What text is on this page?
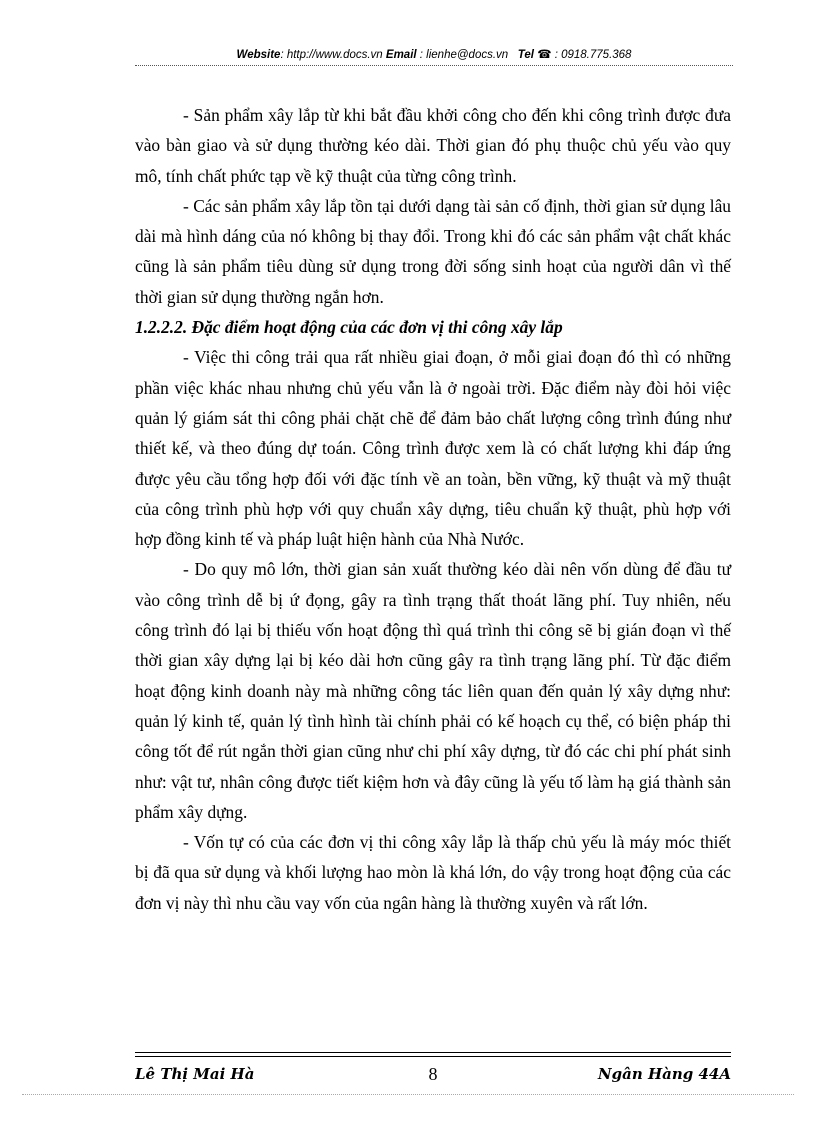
Website: http://www.docs.vn Email : lienhe@docs.vn Tel ☎ : 0918.775.368

- Sản phẩm xây lắp từ khi bắt đầu khởi công cho đến khi công trình được đưa vào bàn giao và sử dụng thường kéo dài. Thời gian đó phụ thuộc chủ yếu vào quy mô, tính chất phức tạp về kỹ thuật của từng công trình.

- Các sản phẩm xây lắp tồn tại dưới dạng tài sản cố định, thời gian sử dụng lâu dài mà hình dáng của nó không bị thay đổi. Trong khi đó các sản phẩm vật chất khác cũng là sản phẩm tiêu dùng sử dụng trong đời sống sinh hoạt của người dân vì thế thời gian sử dụng thường ngắn hơn.

1.2.2.2. Đặc điểm hoạt động của các đơn vị thi công xây lắp

- Việc thi công trải qua rất nhiều giai đoạn, ở mỗi giai đoạn đó thì có những phần việc khác nhau nhưng chủ yếu vẫn là ở ngoài trời. Đặc điểm này đòi hỏi việc quản lý giám sát thi công phải chặt chẽ để đảm bảo chất lượng công trình đúng như thiết kế, và theo đúng dự toán. Công trình được xem là có chất lượng khi đáp ứng được yêu cầu tổng hợp đối với đặc tính về an toàn, bền vững, kỹ thuật và mỹ thuật của công trình phù hợp với quy chuẩn xây dựng, tiêu chuẩn kỹ thuật, phù hợp với hợp đồng kinh tế và pháp luật hiện hành của Nhà Nước.

- Do quy mô lớn, thời gian sản xuất thường kéo dài nên vốn dùng để đầu tư vào công trình dễ bị ứ đọng, gây ra tình trạng thất thoát lãng phí. Tuy nhiên, nếu công trình đó lại bị thiếu vốn hoạt động thì quá trình thi công sẽ bị gián đoạn vì thế thời gian xây dựng lại bị kéo dài hơn cũng gây ra tình trạng lãng phí. Từ đặc điểm hoạt động kinh doanh này mà những công tác liên quan đến quản lý xây dựng như: quản lý kinh tế, quản lý tình hình tài chính phải có kế hoạch cụ thể, có biện pháp thi công tốt để rút ngắn thời gian cũng như chi phí xây dựng, từ đó các chi phí phát sinh như: vật tư, nhân công được tiết kiệm hơn và đây cũng là yếu tố làm hạ giá thành sản phẩm xây dựng.

- Vốn tự có của các đơn vị thi công xây lắp là thấp chủ yếu là máy móc thiết bị đã qua sử dụng và khối lượng hao mòn là khá lớn, do vậy trong hoạt động của các đơn vị này thì nhu cầu vay vốn của ngân hàng là thường xuyên và rất lớn.

Lê Thị Mai Hà	8	Ngân Hàng 44A
